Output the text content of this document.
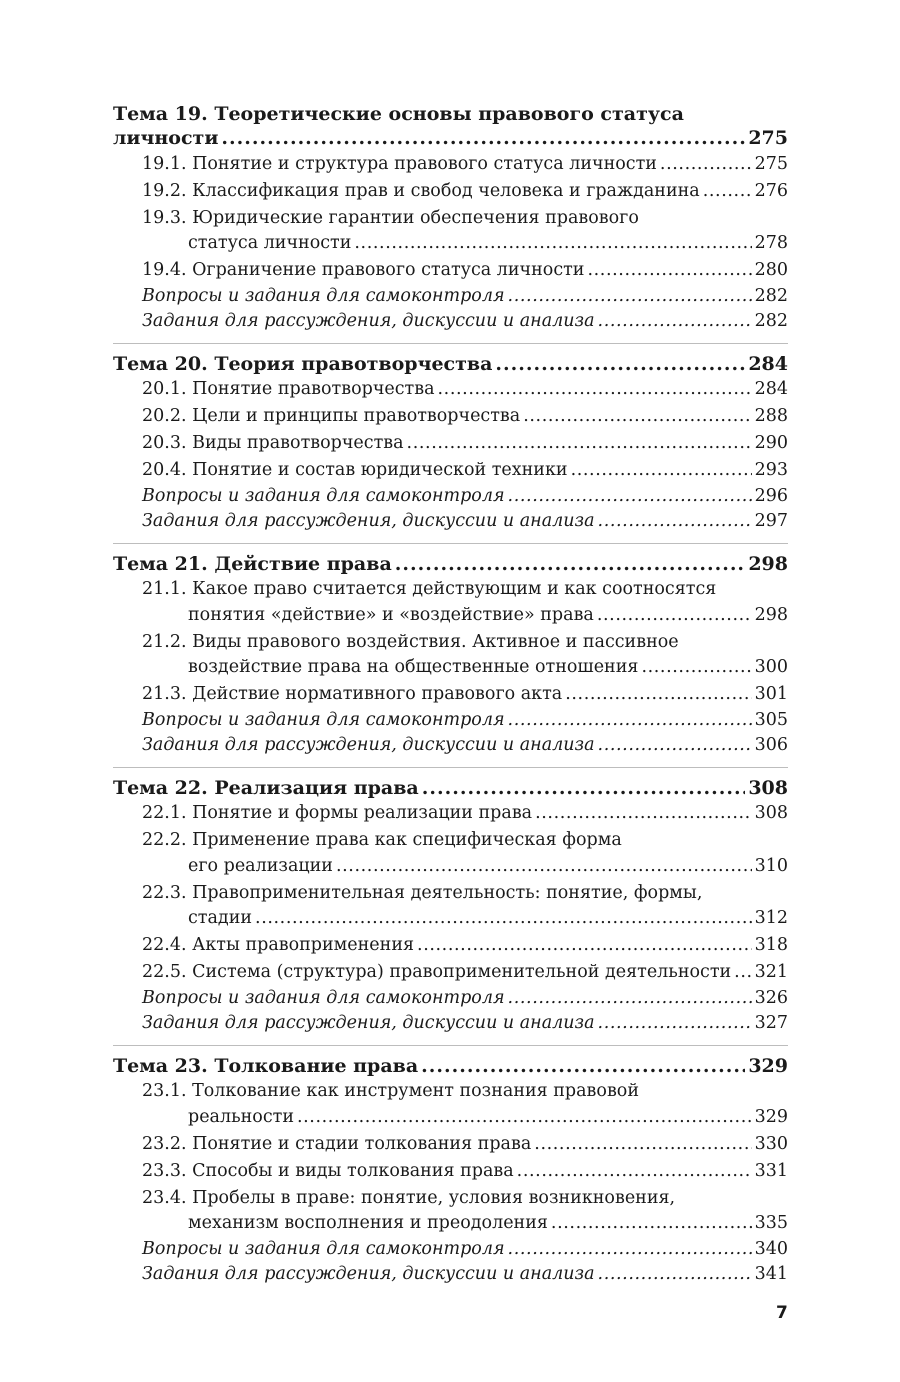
Тема 19. Теоретические основы правового статуса
личности .....	275
19.1. Понятие и структура правового статуса личности .....	275
19.2. Классификация прав и свобод человека и гражданина .....	276
19.3. Юридические гарантии обеспечения правового
статуса личности .....	278
19.4. Ограничение правового статуса личности .....	280
Вопросы и задания для самоконтроля .....	282
Задания для рассуждения, дискуссии и анализа .....	282
Тема 20. Теория правотворчества .....	284
20.1. Понятие правотворчества .....	284
20.2. Цели и принципы правотворчества .....	288
20.3. Виды правотворчества .....	290
20.4. Понятие и состав юридической техники .....	293
Вопросы и задания для самоконтроля .....	296
Задания для рассуждения, дискуссии и анализа .....	297
Тема 21. Действие права .....	298
21.1. Какое право считается действующим и как соотносятся
понятия «действие» и «воздействие» права .....	298
21.2. Виды правового воздействия. Активное и пассивное
воздействие права на общественные отношения .....	300
21.3. Действие нормативного правового акта .....	301
Вопросы и задания для самоконтроля .....	305
Задания для рассуждения, дискуссии и анализа .....	306
Тема 22. Реализация права .....	308
22.1. Понятие и формы реализации права .....	308
22.2. Применение права как специфическая форма
его реализации .....	310
22.3. Правоприменительная деятельность: понятие, формы,
стадии .....	312
22.4. Акты правоприменения .....	318
22.5. Система (структура) правоприменительной деятельности ..... 321
Вопросы и задания для самоконтроля .....	326
Задания для рассуждения, дискуссии и анализа .....	327
Тема 23. Толкование права .....	329
23.1. Толкование как инструмент познания правовой
реальности .....	329
23.2. Понятие и стадии толкования права .....	330
23.3. Способы и виды толкования права .....	331
23.4. Пробелы в праве: понятие, условия возникновения,
механизм восполнения и преодоления .....	335
Вопросы и задания для самоконтроля .....	340
Задания для рассуждения, дискуссии и анализа .....	341
7
